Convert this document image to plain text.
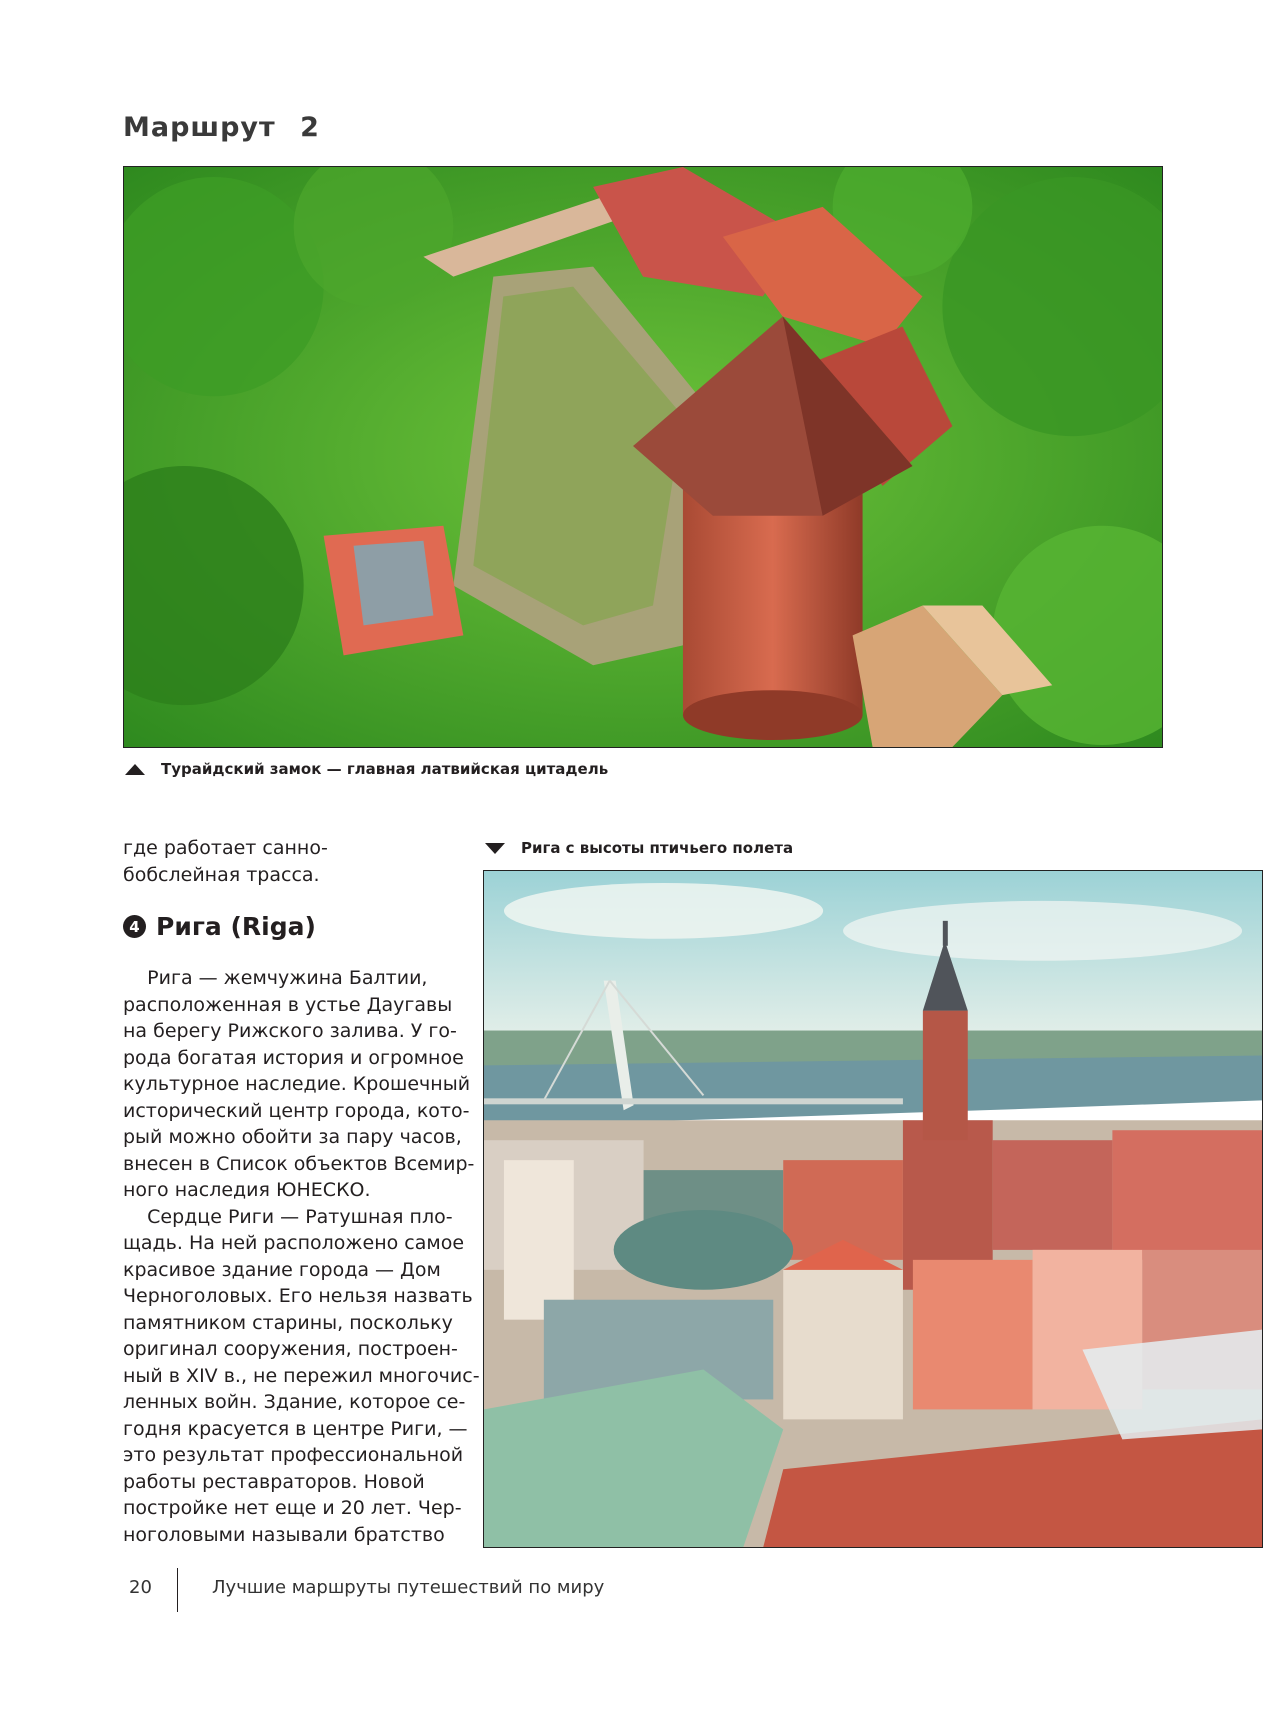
Маршрут 2
Турайдский замок — главная латвийская цитадель
Рига с высоты птичьего полета
где работает санно-бобслейная трасса.
4 Рига (Riga)

Рига — жемчужина Балтии,

расположенная в устье Даугавы

на берегу Рижского залива. У го-

рода богатая история и огромное

культурное наследие. Крошечный

исторический центр города, кото-

рый можно обойти за пару часов,

внесен в Список объектов Всемир-

ного наследия ЮНЕСКО.

Сердце Риги — Ратушная пло-

щадь. На ней расположено самое

красивое здание города — Дом

Черноголовых. Его нельзя назвать

памятником старины, поскольку

оригинал сооружения, построен-

ный в XIV в., не пережил многочис-

ленных войн. Здание, которое се-

годня красуется в центре Риги, —

это результат профессиональной

работы реставраторов. Новой

постройке нет еще и 20 лет. Чер-

ноголовыми называли братство

20	Лучшие маршруты путешествий по миру
